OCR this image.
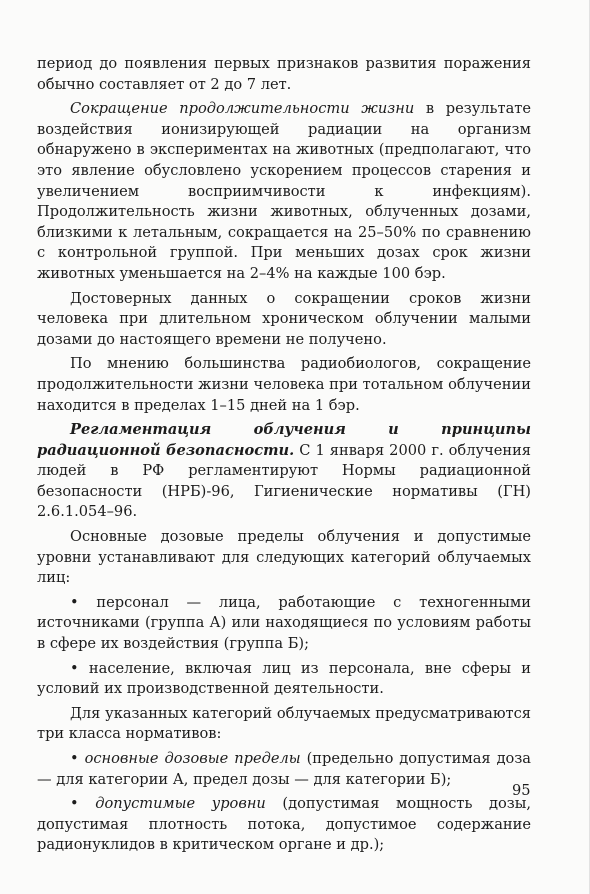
период до появления первых признаков развития поражения обычно составляет от 2 до 7 лет.

Сокращение продолжительности жизни в результате воздействия ионизирующей радиации на организм обнаружено в экспериментах на животных (предполагают, что это явление обусловлено ускорением процессов старения и увеличением восприимчивости к инфекциям). Продолжительность жизни животных, облученных дозами, близкими к летальным, сокращается на 25–50% по сравнению с контрольной группой. При меньших дозах срок жизни животных уменьшается на 2–4% на каждые 100 бэр.

Достоверных данных о сокращении сроков жизни человека при длительном хроническом облучении малыми дозами до настоящего времени не получено.

По мнению большинства радиобиологов, сокращение продолжительности жизни человека при тотальном облучении находится в пределах 1–15 дней на 1 бэр.

Регламентация облучения и принципы радиационной безопасности. С 1 января 2000 г. облучения людей в РФ регламентируют Нормы радиационной безопасности (НРБ)-96, Гигиенические нормативы (ГН) 2.6.1.054–96.

Основные дозовые пределы облучения и допустимые уровни устанавливают для следующих категорий облучаемых лиц:

• персонал — лица, работающие с техногенными источниками (группа А) или находящиеся по условиям работы в сфере их воздействия (группа Б);

• население, включая лиц из персонала, вне сферы и условий их производственной деятельности.

Для указанных категорий облучаемых предусматриваются три класса нормативов:

• основные дозовые пределы (предельно допустимая доза — для категории А, предел дозы — для категории Б);

• допустимые уровни (допустимая мощность дозы, допустимая плотность потока, допустимое содержание радионуклидов в критическом органе и др.);

95
